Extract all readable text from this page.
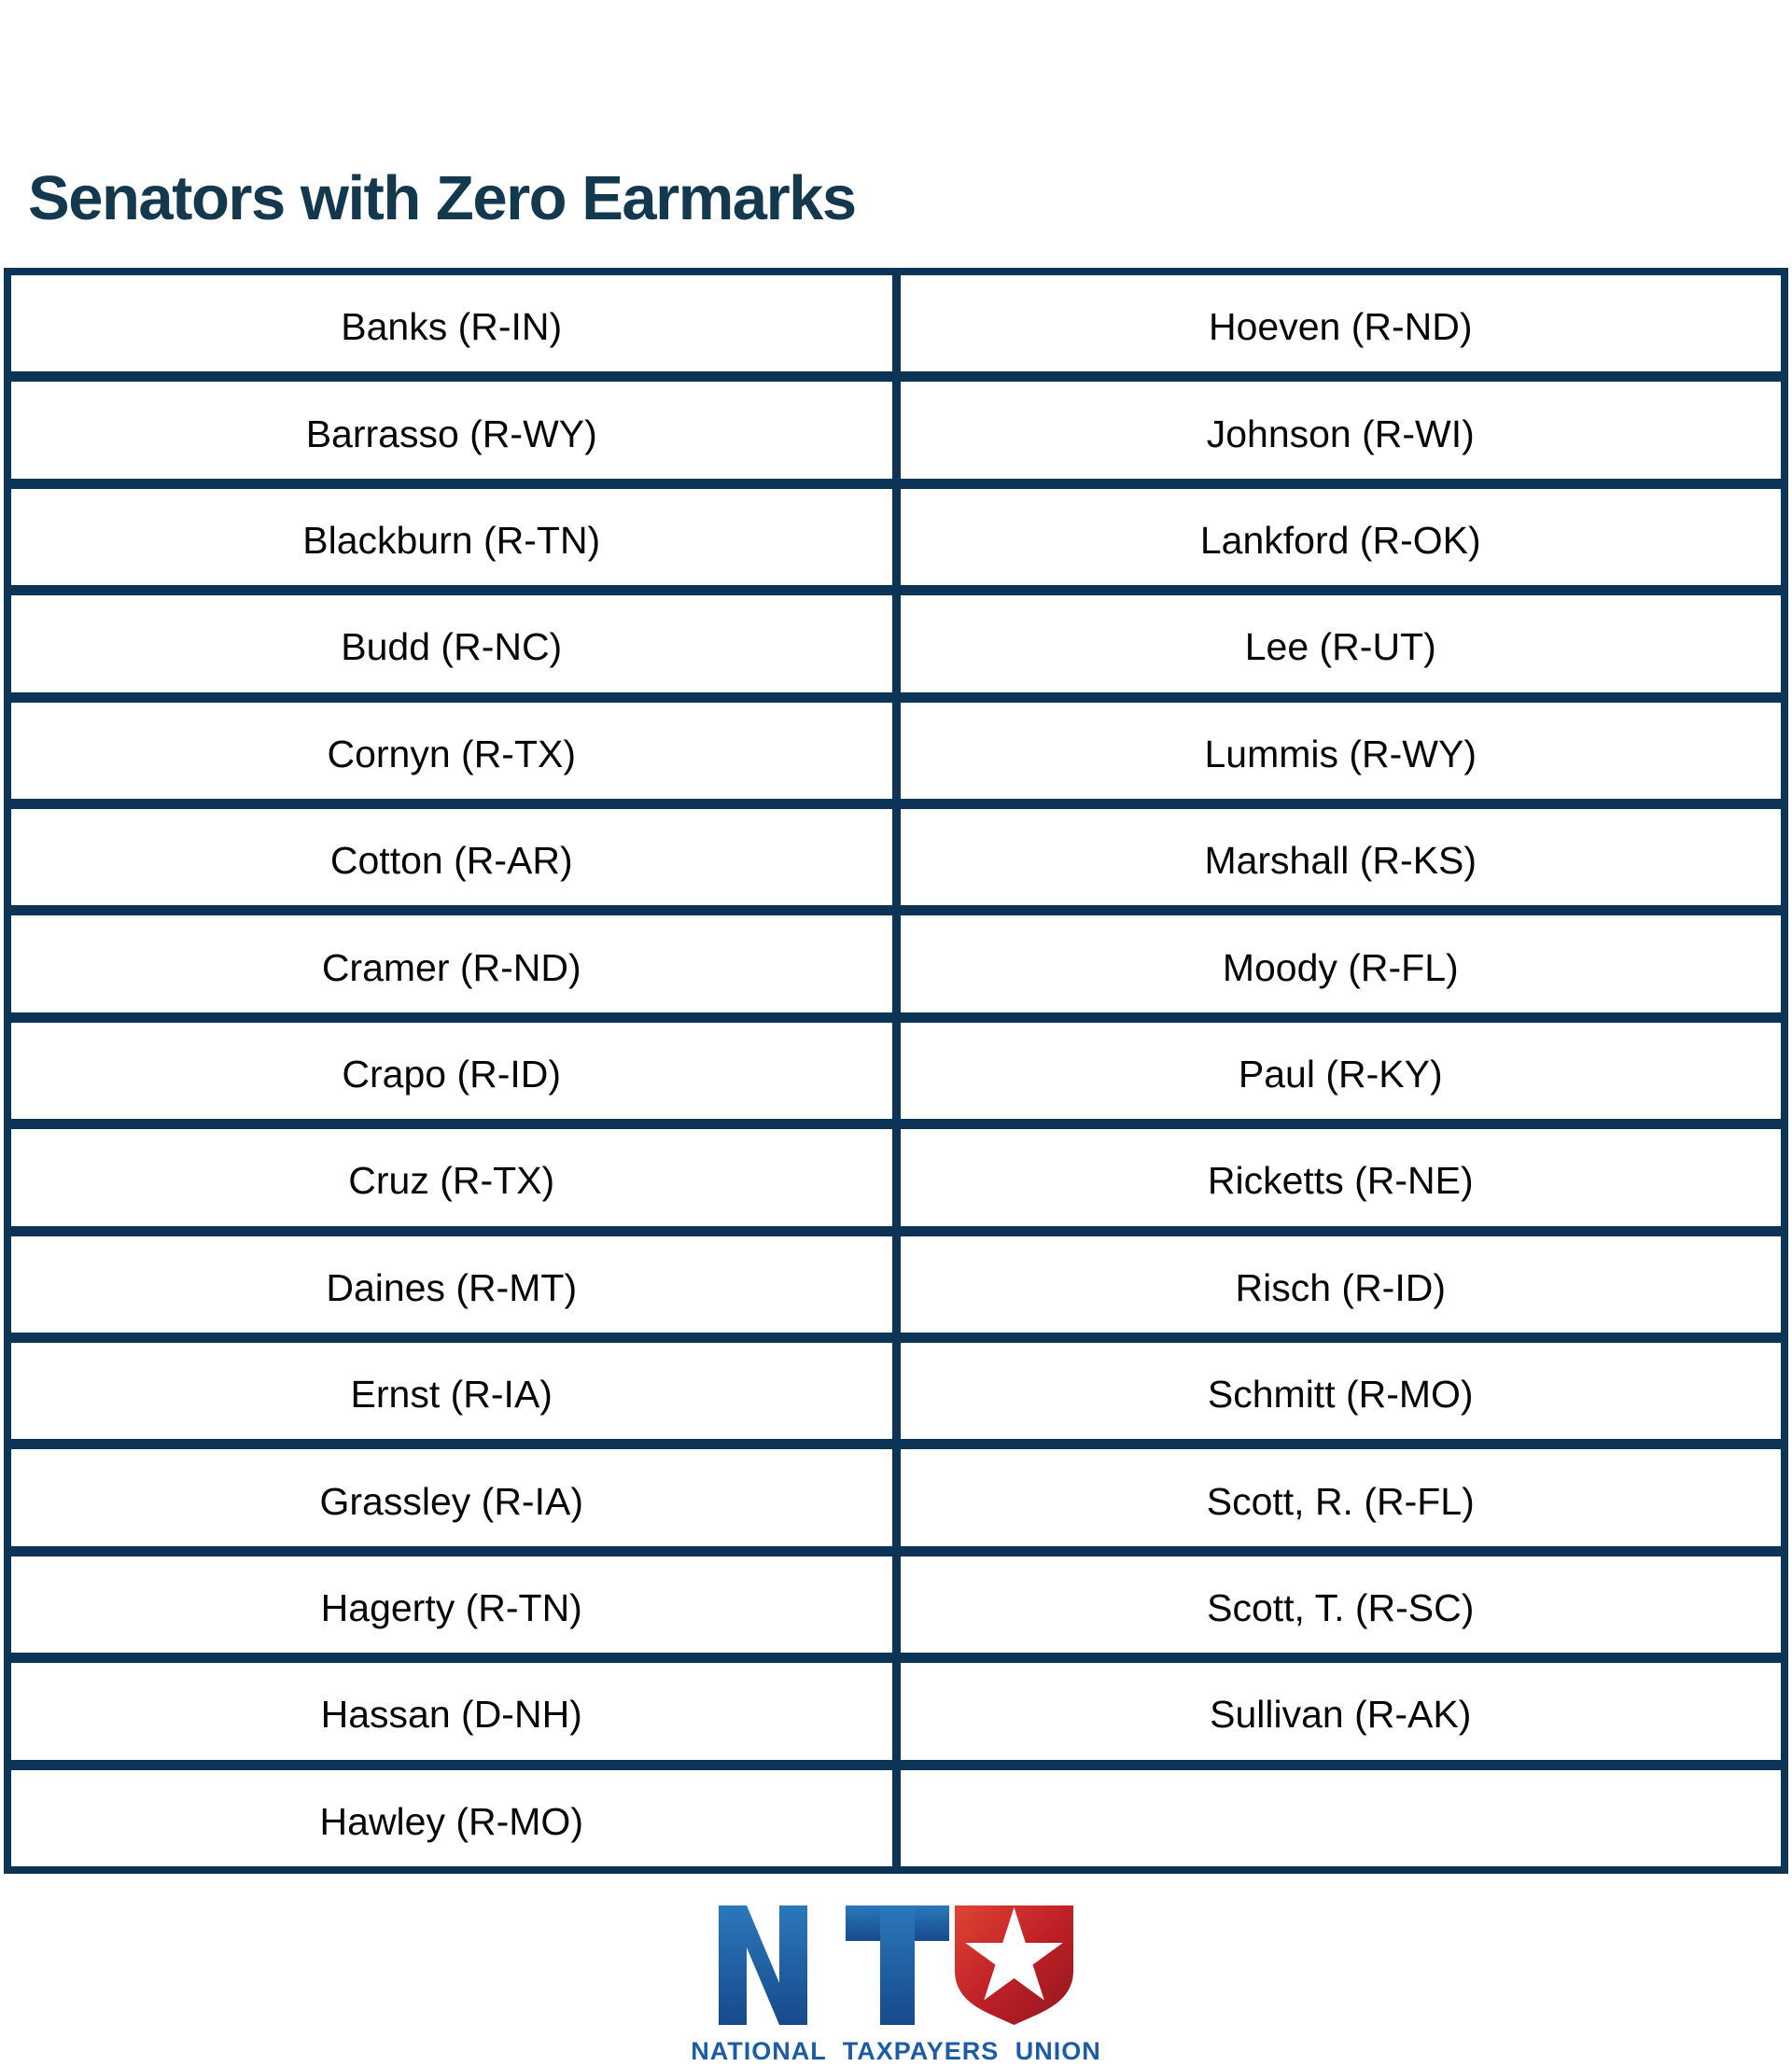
Senators with Zero Earmarks
Banks (R-IN)	Hoeven (R-ND)
Barrasso (R-WY)	Johnson (R-WI)
Blackburn (R-TN)	Lankford (R-OK)
Budd (R-NC)	Lee (R-UT)
Cornyn (R-TX)	Lummis (R-WY)
Cotton (R-AR)	Marshall (R-KS)
Cramer (R-ND)	Moody (R-FL)
Crapo (R-ID)	Paul (R-KY)
Cruz (R-TX)	Ricketts (R-NE)
Daines (R-MT)	Risch (R-ID)
Ernst (R-IA)	Schmitt (R-MO)
Grassley (R-IA)	Scott, R. (R-FL)
Hagerty (R-TN)	Scott, T. (R-SC)
Hassan (D-NH)	Sullivan (R-AK)
Hawley (R-MO)
NATIONAL TAXPAYERS UNION
